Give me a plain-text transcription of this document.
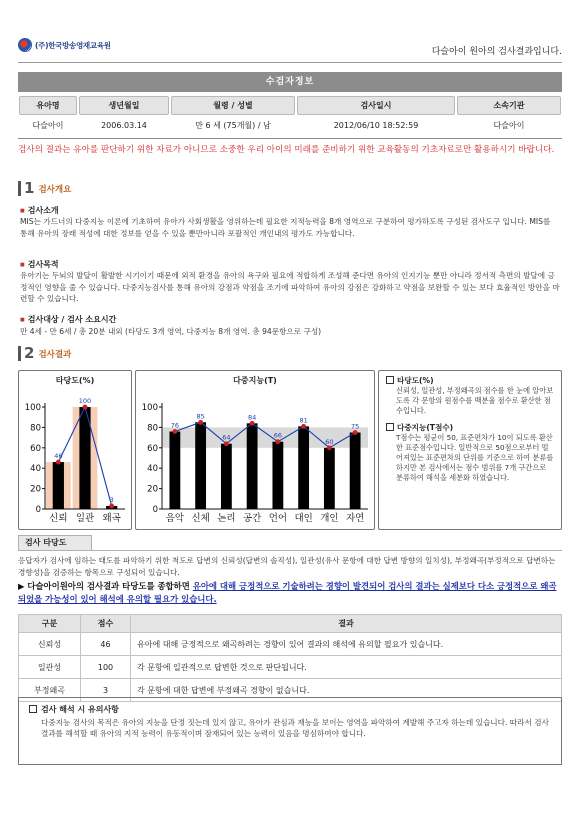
(주)한국방송영재교육원
다슬아이 원아의 검사결과입니다.
수검자정보
유아명	생년월일	월령 / 성별	검사일시	소속기관
다슬아이	2006.03.14	만 6 세 (75개월) / 남	2012/06/10 18:52:59	다슬아이
검사의 결과는 유아를 판단하기 위한 자료가 아니므로 소중한 우리 아이의 미래를 준비하기 위한 교육활동의 기초자료로만 활용하시기 바랍니다.
1 검사개요
■ 검사소개
MIS는 가드너의 다중지능 이론에 기초하여 유아가 사회생활을 영위하는데 필요한 지적능력을 8개 영역으로 구분하여 평가하도록 구성된 검사도구 입니다. MIS를 통해 유아의 장래 적성에 대한 정보를 얻을 수 있을 뿐만아니라 포괄적인 개인내의 평가도 가능합니다.
■ 검사목적
유아기는 두뇌의 발달이 활발한 시기이기 때문에 외적 환경을 유아의 욕구와 필요에 적합하게 조성해 준다면 유아의 인지기능 뿐만 아니라 정서적 측면의 발달에 긍정적인 영향을 줄 수 있습니다. 다중지능검사를 통해 유아의 강점과 약점을 조기에 파악하여 유아의 강점은 강화하고 약점을 보완할 수 있는 보다 효율적인 방안을 마련할 수 있습니다.
■ 검사대상 / 검사 소요시간
만 4세 - 만 6세 / 총 20분 내외 (타당도 3개 영역, 다중지능 8개 영역. 총 94문항으로 구성)
2 검사결과
타당도(%)
0
20
40
60
80
100
신뢰 일관 왜곡
46
100
3
다중지능(T)
0
20
40
60
80
100
음악 신체 논리 공간 언어 대인 개인 자연
76
85
64
84
66
81
60
75
타당도(%)
신뢰성, 일관성, 부정왜곡의 점수를 한 눈에 알아보도록 각 문항의 원점수를 백분율 점수로 환산한 점수입니다.
다중지능(T점수)
T점수는 평균이 50, 표준편차가 10이 되도록 환산한 표준점수입니다. 일반적으로 50점으로부터 떨어져있는 표준편차의 단위를 기준으로 하여 분류를 하지만 본 검사에서는 점수 범위를 7개 구간으로 분류하여 해석을 세분화 하였습니다.
검사 타당도
응답자가 검사에 임하는 태도를 파악하기 위한 척도로 답변의 신뢰성(답변의 솔직성), 일관성(유사 문항에 대한 답변 방향의 일치성), 부정왜곡(부정적으로 답변하는 경향성)을 검증하는 항목으로 구성되어 있습니다.
▶ 다슬아이원아의 검사결과 타당도를 종합하면 유아에 대해 긍정적으로 기술하려는 경향이 발견되어 검사의 결과는 실제보다 다소 긍정적으로 왜곡되었을 가능성이 있어 해석에 유의할 필요가 있습니다.
구분	점수	결과
신뢰성	46	유아에 대해 긍정적으로 왜곡하려는 경향이 있어 결과의 해석에 유의할 필요가 있습니다.
일관성	100	각 문항에 일관적으로 답변한 것으로 판단됩니다.
부정왜곡	3	각 문항에 대한 답변에 부정왜곡 경향이 없습니다.
검사 해석 시 유의사항
다중지능 검사의 목적은 유아의 지능을 단정 짓는데 있지 않고, 유아가 관심과 재능을 보이는 영역을 파악하여 계발해 주고자 하는데 있습니다. 따라서 검사결과를 해석할 때 유아의 지적 능력이 유동적이며 잠재되어 있는 능력이 있음을 명심하여야 합니다.
